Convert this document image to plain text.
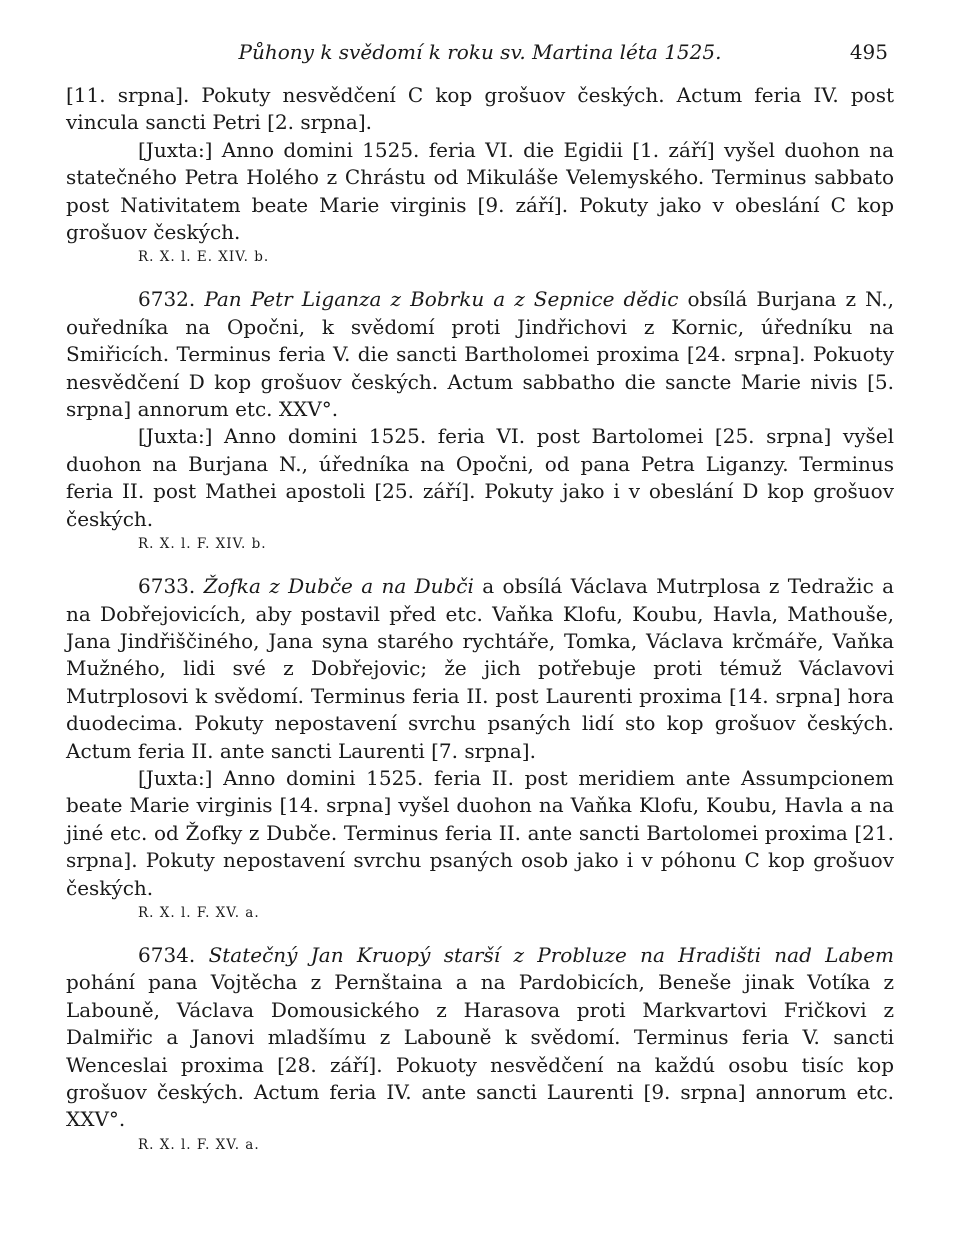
Půhony k svědomí k roku sv. Martina léta 1525.	495

[11. srpna]. Pokuty nesvědčení C kop grošuov českých. Actum feria IV. post vincula sancti Petri [2. srpna].

[Juxta:] Anno domini 1525. feria VI. die Egidii [1. září] vyšel duohon na statečného Petra Holého z Chrástu od Mikuláše Velemyského. Terminus sabbato post Nativitatem beate Marie virginis [9. září]. Pokuty jako v obeslání C kop grošuov českých.

R. X. l. E. XIV. b.

6732. Pan Petr Liganza z Bobrku a z Sepnice dědic obsílá Burjana z N., ouředníka na Opočni, k svědomí proti Jindřichovi z Kornic, úředníku na Smiřicích. Terminus feria V. die sancti Bartholomei proxima [24. srpna]. Pokuoty nesvědčení D kop grošuov českých. Actum sabbatho die sancte Marie nivis [5. srpna] annorum etc. XXV°.

[Juxta:] Anno domini 1525. feria VI. post Bartolomei [25. srpna] vyšel duohon na Burjana N., úředníka na Opočni, od pana Petra Liganzy. Terminus feria II. post Mathei apostoli [25. září]. Pokuty jako i v obeslání D kop grošuov českých.

R. X. l. F. XIV. b.

6733. Žofka z Dubče a na Dubči a obsílá Václava Mutrplosa z Tedražic a na Dobřejovicích, aby postavil před etc. Vaňka Klofu, Koubu, Havla, Mathouše, Jana Jindřiščiného, Jana syna starého rychtáře, Tomka, Václava krčmáře, Vaňka Mužného, lidi své z Dobřejovic; že jich potřebuje proti témuž Václavovi Mutrplosovi k svědomí. Terminus feria II. post Laurenti proxima [14. srpna] hora duodecima. Pokuty nepostavení svrchu psaných lidí sto kop grošuov českých. Actum feria II. ante sancti Laurenti [7. srpna].

[Juxta:] Anno domini 1525. feria II. post meridiem ante Assumpcionem beate Marie virginis [14. srpna] vyšel duohon na Vaňka Klofu, Koubu, Havla a na jiné etc. od Žofky z Dubče. Terminus feria II. ante sancti Bartolomei proxima [21. srpna]. Pokuty nepostavení svrchu psaných osob jako i v póhonu C kop grošuov českých.

R. X. l. F. XV. a.

6734. Statečný Jan Kruopý starší z Probluze na Hradišti nad Labem pohání pana Vojtěcha z Pernštaina a na Pardobicích, Beneše jinak Votíka z Labouně, Václava Domousického z Harasova proti Markvartovi Fričkovi z Dalmiřic a Janovi mladšímu z Labouně k svědomí. Terminus feria V. sancti Wenceslai proxima [28. září]. Pokuoty nesvědčení na každú osobu tisíc kop grošuov českých. Actum feria IV. ante sancti Laurenti [9. srpna] annorum etc. XXV°.

R. X. l. F. XV. a.
